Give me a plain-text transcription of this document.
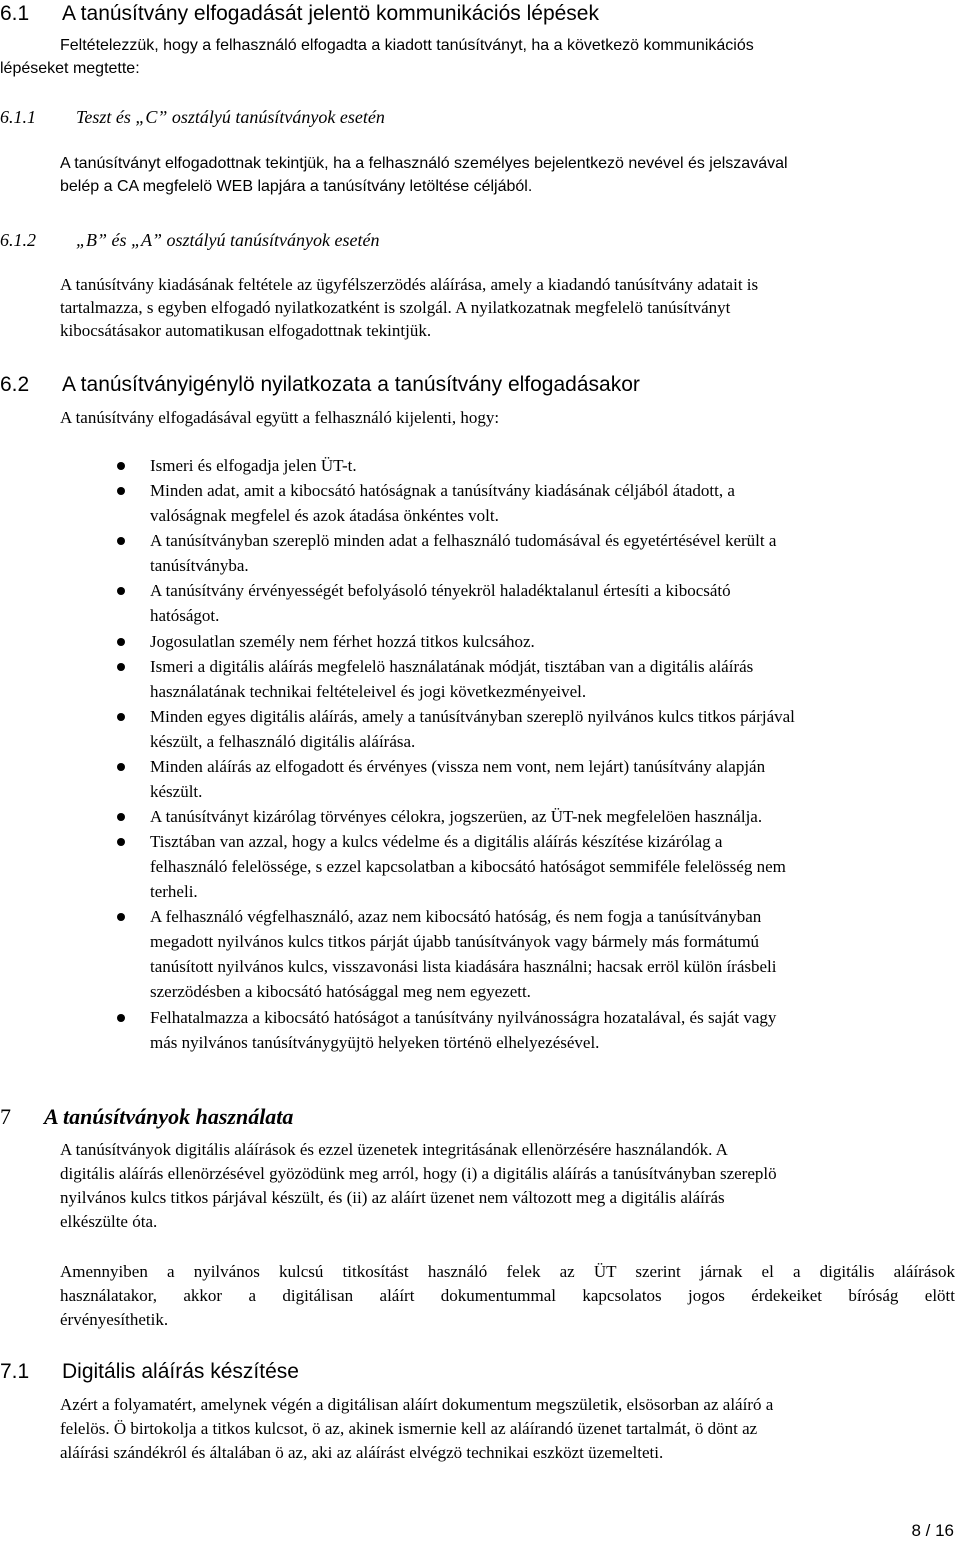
6.1 A tanúsítvány elfogadását jelentö kommunikációs lépések
Feltételezzük, hogy a felhasználó elfogadta a kiadott tanúsítványt, ha a következö kommunikációs
lépéseket megtette:
6.1.1 Teszt és „C” osztályú tanúsítványok esetén
A tanúsítványt elfogadottnak tekintjük, ha a felhasználó személyes bejelentkezö nevével és jelszavával
belép a CA megfelelö WEB lapjára a tanúsítvány letöltése céljából.
6.1.2 „B” és „A” osztályú tanúsítványok esetén
A tanúsítvány kiadásának feltétele az ügyfélszerzödés aláírása, amely a kiadandó tanúsítvány adatait is
tartalmazza, s egyben elfogadó nyilatkozatként is szolgál. A nyilatkozatnak megfelelö tanúsítványt
kibocsátásakor automatikusan elfogadottnak tekintjük.
6.2 A tanúsítványigénylö nyilatkozata a tanúsítvány elfogadásakor
A tanúsítvány elfogadásával együtt a felhasználó kijelenti, hogy:
Ismeri és elfogadja jelen ÜT-t.
Minden adat, amit a kibocsátó hatóságnak a tanúsítvány kiadásának céljából átadott, a
valóságnak megfelel és azok átadása önkéntes volt.
A tanúsítványban szereplö minden adat a felhasználó tudomásával és egyetértésével került a
tanúsítványba.
A tanúsítvány érvényességét befolyásoló tényekröl haladéktalanul értesíti a kibocsátó
hatóságot.
Jogosulatlan személy nem férhet hozzá titkos kulcsához.
Ismeri a digitális aláírás megfelelö használatának módját, tisztában van a digitális aláírás
használatának technikai feltételeivel és jogi következményeivel.
Minden egyes digitális aláírás, amely a tanúsítványban szereplö nyilvános kulcs titkos párjával
készült, a felhasználó digitális aláírása.
Minden aláírás az elfogadott és érvényes (vissza nem vont, nem lejárt) tanúsítvány alapján
készült.
A tanúsítványt kizárólag törvényes célokra, jogszerüen, az ÜT-nek megfelelöen használja.
Tisztában van azzal, hogy a kulcs védelme és a digitális aláírás készítése kizárólag a
felhasználó felelössége, s ezzel kapcsolatban a kibocsátó hatóságot semmiféle felelösség nem
terheli.
A felhasználó végfelhasználó, azaz nem kibocsátó hatóság, és nem fogja a tanúsítványban
megadott nyilvános kulcs titkos párját újabb tanúsítványok vagy bármely más formátumú
tanúsított nyilvános kulcs, visszavonási lista kiadására használni; hacsak erröl külön írásbeli
szerzödésben a kibocsátó hatósággal meg nem egyezett.
Felhatalmazza a kibocsátó hatóságot a tanúsítvány nyilvánosságra hozatalával, és saját vagy
más nyilvános tanúsítványgyüjtö helyeken történö elhelyezésével.
7 A tanúsítványok használata
A tanúsítványok digitális aláírások és ezzel üzenetek integritásának ellenörzésére használandók. A
digitális aláírás ellenörzésével gyözödünk meg arról, hogy (i) a digitális aláírás a tanúsítványban szereplö
nyilvános kulcs titkos párjával készült, és (ii) az aláírt üzenet nem változott meg a digitális aláírás
elkészülte óta.
Amennyiben a nyilvános kulcsú titkosítást használó felek az ÜT szerint járnak el a digitális aláírások
használatakor, akkor a digitálisan aláírt dokumentummal kapcsolatos jogos érdekeiket bíróság elött
érvényesíthetik.
7.1 Digitális aláírás készítése
Azért a folyamatért, amelynek végén a digitálisan aláírt dokumentum megszületik, elsösorban az aláíró a
felelös. Ö birtokolja a titkos kulcsot, ö az, akinek ismernie kell az aláírandó üzenet tartalmát, ö dönt az
aláírási szándékról és általában ö az, aki az aláírást elvégzö technikai eszközt üzemelteti.
8 / 16
